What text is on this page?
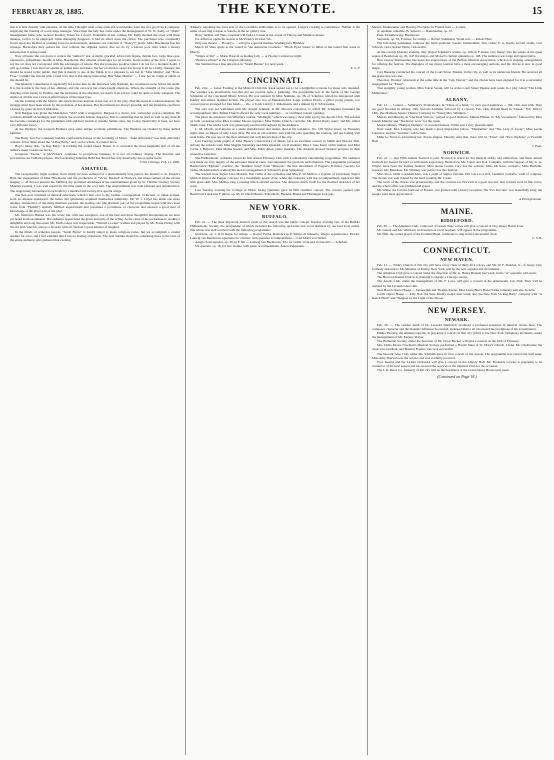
FEBRUARY 28, 1885.	THE KEYNOTE.	15

that it is here morally with pleasure. At the time I thought what a fine artist she would make were she in a good stock company, supplying the training of a real stage manager. Since then the lady has come under the management of W. W. Kelly, of "Dude" management fame, who secured Rosina's Vokes for a novel. Prominent in her coming Mr. Kelly decided the town with three theatres, tactics to be employed while managing Ferguson. It had its effect upon the critics. The purchaser who continually frown upon the method of pushing forward professionals, demands our criticism of "Nancy's" profit. Miss Hawthorne has her revenge. Heretofore they passed her over without the slightest notice; like we do by a known poor man when a money subscription is going round.

Now all knew she can down to review the "author's" star. A slight, graceful, aristocratic figure, mobile face, large blue eyes, expressive, sympathetic mouth, is Miss Hawthorne. Her unusual advantages for an actress. In the nature of the part, I regret to say the art does not correspond with the advantages of nature. But she possesses positive talent I do not for a moment doubt. I will go farther, I can discover sparks of genius here and there; but her provincial career has stored it all in a faulty channel; but should be stated to the public, that this is merely is one of the finish. It is a pleasure to see her in "Miss Multon" and "Frou-Frou." Camille she invests with a fatal love that is absolutely interesting. But "Miss Multon" — I saw her no rough or subtle as she should be.

The leisurely comedienne is apparently not in her line. In the interview with Nathalie, the sweetheart scene before the death. It is the trouble is the best of her abilities, and she over-acts her overwrought emotions. Where the strength of the scene (the drawing-room scene) in Pauline, and the heaviness of the situation, we doubt if an actress could be quite so fully adequate. The upshot of all this was a lack of effectiveness of the usual type.

On the evening with the Mortis, she struck the true keynote in her last act of the play. Had this been in a natural manner, the stranger must have been struck by the profusion of her dresses. Her movements are always graceful, and she should be careful in a future by-gone revival of imitation.

Neil Burgess was given the Mandarin's "Vim" with a vengeance. Burgess is a clever, low, somewhat coarse comedian. He conducts himself exceedingly well towards the eccentric female character. This is something that he does as well as any man. It has become customary for the gentlemen with stubborn beards to assume female roles, but to-day, theatrically at least, we have very different views.

At the Olympic, the Leopold Brothers gave some unique acrobatic exhibitions. The Hanlons are rivalled by these skilled families.

The Barry and Fay Company had the comfortable houses at the Academy of Music. "Aunt Arbuckle's" has been delicately ordered. It has taken about the "A Bag Baby," and, on the whole, is a better farce.

Hoyt's funny title, "A Rag Baby," is packing the Grand Opera House. It is conceded the most laughable skit of all the author's many boisterous farces.

Gorgeous "Zanita," at McVicker's, continues to prosperous business. It is not an ordinary display. The marches and processions are brilliant pictures. The fascinating ballerina Bella has danced her way deservedly into popular favor.

Critic Chicago, Feb. 11, 1885.

AMATEUR.

The exceptionally fright weather, from which we have suffered for a phenomenally long period, the disaster to St. Patrick's Hall, the engagement of Miss Hawthorne and the production of "Victor Durand" at Hooley's, the improvement of the chorus singing — all did not prevent me fulfilling my promised attendance at the entertainment given by St. Thomas Literary Society Monday evening. I was well repaid for the time spent in the cozy hall. The entertainment was both pleasant and remunerative. The stage being surrounded at each side by a hundred and twenty-five special wings.

The first part consisted of musical selections, which I turn over to my brother correspondent. Criticised, or rather praised, from an amateur standpoint, the ladies and gentlemen acquitted themselves admirably. Mr. W. J. Lloyd has made one more attempt. Irrespective of the many members present, the leading role (the dramatic part of the programme began with the closet scene from "Hamlet") entirely fulfilled expectations and presented a portraiture of character and showed a good deal of knowledge of the ghost part of the play.

Mr. Sullivan's Hamlet was fair work; but, with one exception, one of the best and most thoughtful interpretations we have yet heard from an amateur. The audience appreciated the grace and style of the acting. At the close of the performance, reading a delightful and long discourse. Mr. Paul's Ghost was respectable. "Wanted a Letter" written and played by Mr. Frank Pixley, with his old part, which is always a favorite with all. We had a good amount of laughter.

In the minds of orthodox people, "Sarah Byrne" is hardly suited to many religious tastes, but we accomplish a careful attempt for once, and I feel satisfied that it has no leading objections. The next attempt should be something more to the taste of the entire audience who gathered that evening.

drinkery, adjoining the west side of the Columbia auditorium, is to be opened. Lodge's cooking is compliance. Neither is the name of erecting a statue to Sancho in the art gallery true.

Harry Webber and Theo. Gressier will build a Casino at the corner of Throop and Madison streets.

Joe Jefferson opens his season at McVicker's October 5th.

Only one theatre — Hooley's — will give a special matinee Washington's Birthday.

March 2d Shea opens at the Grand in "An American Countess." "Black Eyed Susan" is billed at the Grand first week in March.

"Wages of Sin" — Marie Prescott as leading lady — at Hooley's tomorrow night.

"Beatrice Ovens" at the Criterion, Monday.

The Standard has a fine attraction in "Storm Beaten" for next week.

E. S. F.

CINCINNATI.

Feb. 21st. — Letter Evening at the Musical Club this week turned out to be a delightful occasion for those who attended. The weather was abominable, but that did not prevent quite a gathering. The programme was in the hands of Mr. George Schneider of the Cincinnati Music School. He was assisted by Miss Nathalie, op. 36, of Schubert, which he interpreted with fidelity and almost faultless technic. He played also two of Mendelssohn's Songs without Words, a gifted young pianist, two concert pieces arranged for four hands — viz., a Torch Lied by J. Rubenstein, and a minuet by P. Scharwenka.

The solo was not well-liked with Mr. Joseph Schmidt, at Mr. Moore's concertos, to which Mr. Schneider furnished the accompaniment. Mrs. Emma Church offered the only vocal numbers — as a brilliant concert opening.

The piece de resistance was Whiting's cantata, "Midnight," which was sung a short time ago by the Apollo Club. The soloists on both occasions were Miss Corinne Moore, soprano; Miss Emma Church, contralto; Mr. David Davis, tenor; and Mr. Albert Smith, bass. The whole work was generously received throughout by the audience.

C. M. March, well known as a piano manufacturer and dealer, died at his residence, No. 100 Taylor street, on Thursday night, after an illness of only a few days. He was an old resident, and with his wife spending the evening, and not feeling well went home. He was one of the most eminent and well-known men of the city.

Last Tuesday week pupils of Miss Bauer's Conservatory of Music gave an excellent concert in Smith and Nixon's Hall. Among the soloists were Miss Maggie Stansbury and Miss Quandel, vocal students; Miss J. Jane Reed, violin student, and Miss Carrie J. Bellows, Miss Mattie Keeler, and Miss Edith Allen, piano students. The students showed marked progress in their respective branches.

The Philharmonic orchestra closed its first season February 14th with a remarkably entertaining programme. The audience was made up very largely of the educated musical class, and surpassed the previous performances. The programme presented Beethoven's "Egmont" overture, the "Slumber Song" from "Dinorah," the first movement of Popper's B minor concerto for violin, Mendelssohn's cradle hymn and an arrangement of Schubert's great Symphony.

The soloists were Signor Lino Mattioli, first violin of the orchestra, and Mrs. F. W. Mellon, a soprano of Cleveland. Signor Mattioli played the Popper concerto in a beautifully poetic style, while the orchestra with the accompaniment supported him with great skill. Mrs. Mellon sang a reading which elicited encores. She deserves much credit for the finished character of her work.

Last Tuesday evening the College of Music String Quartette gave its fifth chamber concert. The concert opened with Beethoven's quartette F minor, op. 95, in which Messrs. Schradieck, Baetens, Brand and Hartdegen took part.

NEW YORK.
BUFFALO.

Feb. 21. — The most important musical event of the season was the public concert Tuesday evening last, of the Buffalo Philharmonic Society, the programme of which included the following quartettes and vocal numbers by our best local artists. The whole was well received with the following programme:

Quartette, op. 1, in D major, for strings — Robert Fuchs. Romance in F, Tempo di minuetto, allegro appassionato. Mozart. Ludwig van Beethoven. Quartette for clarinet, with quartette accompaniment — Carl Maria von Weber.

Adagio from septette, op. 20, in E flat — Ludwig van Beethoven. Trio for violin, viola and violoncello — Schubert.

Six quartets, op. 18, for two violins, with piano accompaniment. Anton Rubinstein.

Messrs. Dannreuther and Herwig. Nocturne for French horn — Lorenz.

A. Andante cantabile. B. Scherzo — Dannreuther, op. 37.

Peter Tschaikowsky. Beethoven.

Serenade, op. 56, E minor, for strings — Robert Volkmann. Violin solo — Robert Herz.

The following gentlemen compose the band quartette: Gustav Dannreuther, first violin; F. A. Kurth, second violin; Carl Schwab, viola; Robert Hertz, violoncello.

At the concert Monday evening, they played Schubert's octette, op. 166, in F major, very finely; also the whole of the great septet of Beethoven op. 20, in E flat major, and Mozart's clarinet quintette op. 108. The audience was large and appreciative.

Herr Gustav Dannreuther has upset the expectations of the Buffalo Musical Association, which now making arrangements for offering the festival. The managers of our music festival have a most encouraging outlook, and the chorus is now in good shape.

Carl Hauseler conducted the concert of the Court Street Theatre, in the city, as well as its numerous friends. He received all the praise that was due.

Theodore Thomas' rehearsals at the same time in the "Gay Tuscan"; and the chorus have been engaged for it at a successful engagement for "Faust".

That sprightly young woman, Miss Carrie Swain, will be at the Court Street Theatre next week, in a play called "The Little Millionaire."

ALBANY.

Feb. 21. — Leland — Salisbury's Troubadours, in "Three of a Kind," to very good audiences — 9th, 11th, and 12th. They are good favorites in Albany. 13th. Victoria Sarmaki, followed by a concert. Feb. 14th, Roland Reed in "Cheek." Feb. 16th to 18th, The Madison Square Theatre Company in "Young Mrs. Winthrop."

Murray and Murphy, in "Our Irish Visitors," played to good business. Minnie Palmer, in "My Sweetheart," followed by Miss Joseph Murphy and "The Kerry Gow" for the week.

Mozart Miner's "Humpty Dumpty," to crowded houses. Walks was a very pleasant sight.

Next week: Mrs. Langtry, who has made a good impression before, "Marguerite" and "The Lady of Lyons"; Miss Gertie Laurence, and the "Tourists" will be here.

Mme Le Fevre is advertising her chorus singers. Directly after that, there will be "Faust" and "Two Orphans" at Tweddle Hall.

J. Paul.

NORWICH.

Feb. 21. — Our Fifth Annual Festival is past. Norwich is noted for her musical ability and cultivation, and these annual festivals are looked forward to with much expectancy. Heretofore, Mr. Carter and Prof. Lampkin, with the support of Mr. G. G. Whyte, have been the leading features. Miss Annie Louise Cary has the soloists: Miss Ida Ross, contralto; Miss Burbank, soprano; Mr. Barnabee. Mr. Whitney was perfect for this festival.

Miss Ross, while a resident here, was a pupil of Signor Zerrahn. Her voice is a rich, beautiful contralto, wide of compass. The chorus was well trained by the hard working Mr. Carter.

The work of the chorus was praiseworthy, and the overture for Norwich is a great success. Our soloists were in fine voice, and the whole affair was brilliant and grand.

Mr. White, the favorite baritone of Boston, was greeted with a hearty reception. His "Pro Peccatis" was beautifully sung; the people were most appreciative.

A Pennsylvanian.

MAINE.
BIDDEFORD.

Feb. 20. — The Amphion Club, composed of twenty male voices will give a concert at City Opera House soon.

Mr. Gianni and Mr. Whitford, well known as vocal teachers, will appear in the programme.

Mr. Hall, the cornet player of the Portland Band, continues to sing in the Universalist choir.

C. S. B.

CONNECTICUT.
NEW HAVEN.

Feb. 21. — Trinity Church of this city will have a boy choir of thirty-five voices, and Mr. W. F. Sheldon, Jr., of Jersey City, formerly assistant to Mr. Messiter at Trinity, New York, will be the new organist and choirmaster.

The Amphion Club gave a concert under the direction of Mr. G. Henry Bennett last week, in the "A" quartette will assist.

The Howard Avenue Church is planning to engage a Chicago soloist.

The Apollo Club, under the management of Mr. F. Love, will give a concert at the Athenaeum, Jan. 26th. They will be assisted by the Lyceum Glee Club.

New Haven Opera House — Janauschek and Thomas Keene. Miss Laura Burt's Hazel Kirke company will also be here.

Carll's Opera House — Jolly Nox, the Imre Kiralfy troupe next week, also the New York "A Rag Baby" company with "A Ranch Hand" and "Skipped by the Light of the Moon."

NEW JERSEY.
NEWARK.

Feb. 20. — The sudden death of Dr. Leopold Damrosch produced a profound sensation in musical circles here. The composer, character and the majestic influence he exerted, endeared him to all who heard the prodigious of his acquaintance.

Emma Thursby, the eminent soprano, is preparing a concert in that city (16th) to the New York Symphony Orchestra, under the management of Mr. Eugene Thayer.

The Harmonic Society, under the direction of Mr. Oscar Becker, will give a concert on the 26th of February.

Mrs. Delia Moses Nowman's Musical Society performed a Haydn Mass at St. Mary's Church. Under Mr. Chelbourne the choir was excellent; and Hanson Frazier, was very successful.

The Newark Glee Club, under Mr. Schmidt, gave its first concert of the season. The programme was varied and well sung. Miss Amy Sherwin was the soloist, and was cordially received.

Prof. Kearns and the Ladies' Orchestra will give a concert in the Library Hall. Mr. Frederick Cowles is preparing to be conductor of the next season and has secured the services of the Orpheus Club for the occasion.

The J. R. Reed. Co. formerly of this city will be the headliners at the Grand Opera House next week.

(Continued on Page 18.)
